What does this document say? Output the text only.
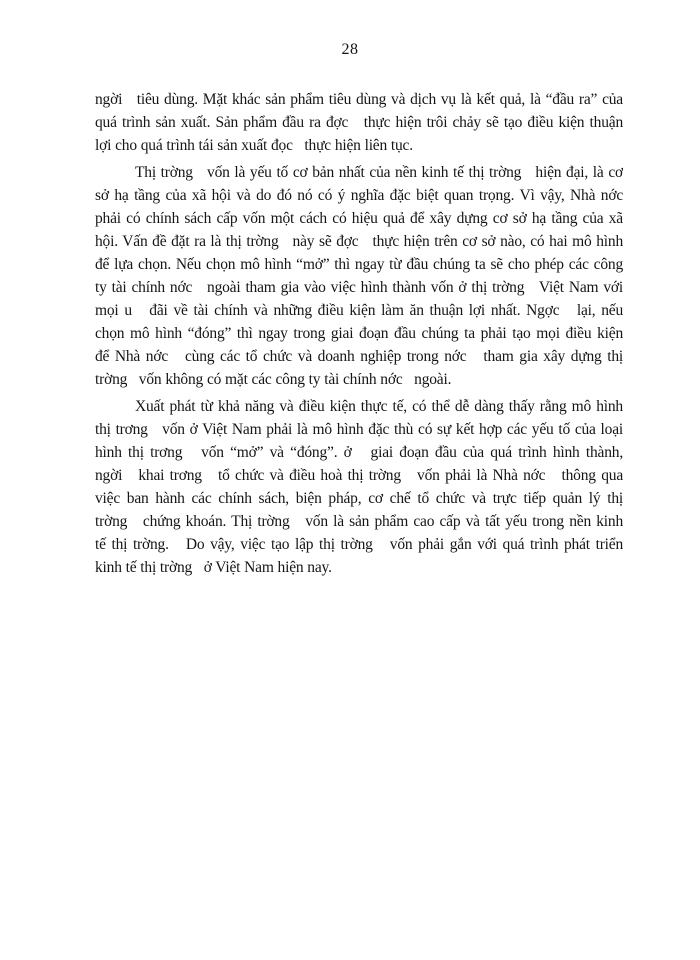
28
ngời   tiêu dùng. Mặt khác sản phẩm tiêu dùng và dịch vụ là kết quả, là “đầu ra” của
quá trình sản xuất. Sản phẩm đầu ra đợc   thực hiện trôi chảy sẽ tạo điều kiện thuận
lợi cho quá trình tái sản xuất đọc   thực hiện liên tục.
Thị trờng   vốn là yếu tố cơ bản nhất của nền kinh tế thị trờng   hiện đại, là cơ
sở hạ tầng của xã hội và do đó nó có ý nghĩa đặc biệt quan trọng. Vì vậy, Nhà nớc
phải có chính sách cấp vốn một cách có hiệu quả để xây dựng cơ sở hạ tầng của xã
hội. Vấn đề đặt ra là thị trờng   này sẽ đợc   thực hiện trên cơ sở nào, có hai mô hình
để lựa chọn. Nếu chọn mô hình “mở” thì ngay từ đầu chúng ta sẽ cho phép các công
ty tài chính nớc   ngoài tham gia vào việc hình thành vốn ở thị trờng   Việt Nam với
mọi u   đãi về tài chính và những điều kiện làm ăn thuận lợi nhất. Ngợc   lại, nếu
chọn mô hình “đóng” thì ngay trong giai đoạn đầu chúng ta phải tạo mọi điều kiện
để Nhà nớc   cùng các tổ chức và doanh nghiệp trong nớc   tham gia xây dựng thị
trờng   vốn không có mặt các công ty tài chính nớc   ngoài.
Xuất phát từ khả năng và điều kiện thực tế, có thể dễ dàng thấy rằng mô hình
thị trơng   vốn ở Việt Nam phải là mô hình đặc thù có sự kết hợp các yếu tố của loại
hình thị trơng   vốn “mở” và “đóng”. ở   giai đoạn đầu của quá trình hình thành,
ngời   khai trơng   tổ chức và điều hoà thị trờng   vốn phải là Nhà nớc   thông qua
việc ban hành các chính sách, biện pháp, cơ chế tổ chức và trực tiếp quản lý thị
trờng   chứng khoán. Thị trờng   vốn là sản phẩm cao cấp và tất yếu trong nền kinh
tế thị trờng.   Do vậy, việc tạo lập thị trờng   vốn phải gắn với quá trình phát triển
kinh tế thị trờng   ở Việt Nam hiện nay.
